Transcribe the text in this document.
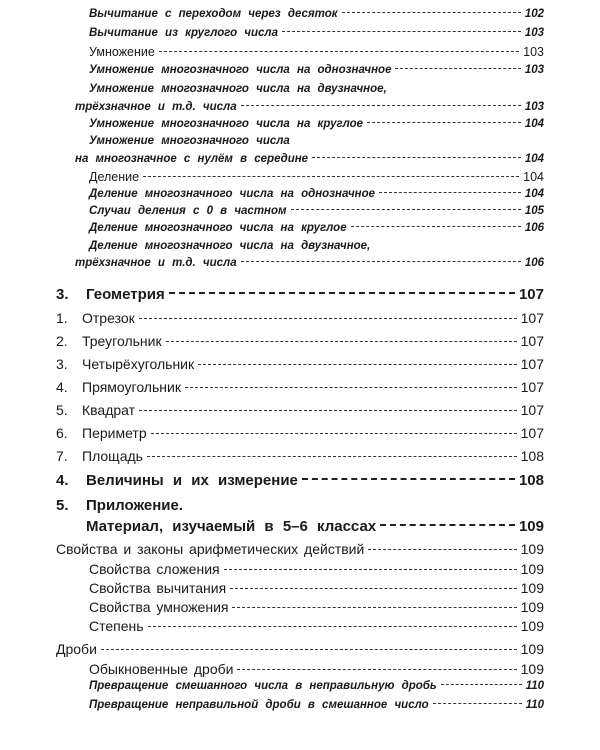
Вычитание с переходом через десяток	102
Вычитание из круглого числа	103
Умножение	103
Умножение многозначного числа на однозначное	103
Умножение многозначного числа на двузначное,
трёхзначное и т.д. числа	103
Умножение многозначного числа на круглое	104
Умножение многозначного числа
на многозначное с нулём в середине	104
Деление	104
Деление многозначного числа на однозначное	104
Случаи деления с 0 в частном	105
Деление многозначного числа на круглое	106
Деление многозначного числа на двузначное,
трёхзначное и т.д. числа	106
3.	Геометрия	107
1.	Отрезок	107
2.	Треугольник	107
3.	Четырёхугольник	107
4.	Прямоугольник	107
5.	Квадрат	107
6.	Периметр	107
7.	Площадь	108
4.	Величины и их измерение	108
5.	Приложение.
Материал, изучаемый в 5–6 классах	109
Свойства и законы арифметических действий	109
Свойства сложения	109
Свойства вычитания	109
Свойства умножения	109
Степень	109
Дроби	109
Обыкновенные дроби	109
Превращение смешанного числа в неправильную дробь	110
Превращение неправильной дроби в смешанное число	110
